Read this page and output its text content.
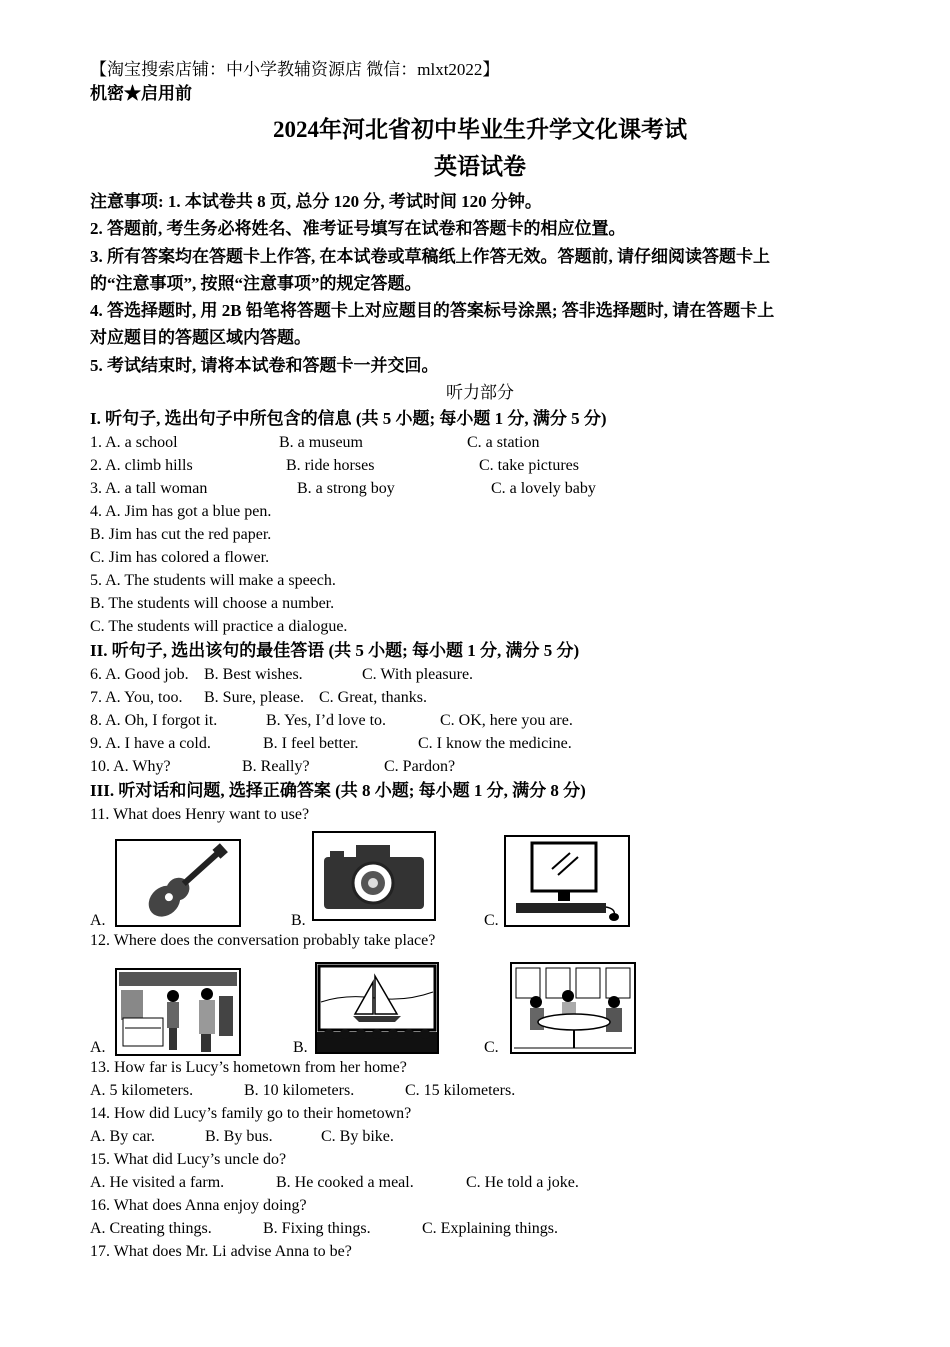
【淘宝搜索店铺：中小学教辅资源店 微信：mlxt2022】
机密★启用前
2024年河北省初中毕业生升学文化课考试
英语试卷
注意事项: 1. 本试卷共 8 页, 总分 120 分, 考试时间 120 分钟。
2. 答题前, 考生务必将姓名、准考证号填写在试卷和答题卡的相应位置。
3. 所有答案均在答题卡上作答, 在本试卷或草稿纸上作答无效。答题前, 请仔细阅读答题卡上
的“注意事项”, 按照“注意事项”的规定答题。
4. 答选择题时, 用 2B 铅笔将答题卡上对应题目的答案标号涂黑; 答非选择题时, 请在答题卡上
对应题目的答题区域内答题。
5. 考试结束时, 请将本试卷和答题卡一并交回。
听力部分
I. 听句子, 选出句子中所包含的信息 (共 5 小题; 每小题 1 分, 满分 5 分)
1. A. a school	B. a museum	C. a station
2. A. climb hills	B. ride horses	C. take pictures
3. A. a tall woman	B. a strong boy	C. a lovely baby
4. A. Jim has got a blue pen.
B. Jim has cut the red paper.
C. Jim has colored a flower.
5. A. The students will make a speech.
B. The students will choose a number.
C. The students will practice a dialogue.
II. 听句子, 选出该句的最佳答语 (共 5 小题; 每小题 1 分, 满分 5 分)
6. A. Good job. B. Best wishes.	C. With pleasure.
7. A. You, too. B. Sure, please. C. Great, thanks.
8. A. Oh, I forgot it.	B. Yes, I’d love to.	C. OK, here you are.
9. A. I have a cold.	B. I feel better.	C. I know the medicine.
10. A. Why?	B. Really?	C. Pardon?
III. 听对话和问题, 选择正确答案 (共 8 小题; 每小题 1 分, 满分 8 分)
11. What does Henry want to use?
A.	B.	C.
12. Where does the conversation probably take place?
A.	B.	C.
13. How far is Lucy’s hometown from her home?
A. 5 kilometers.	B. 10 kilometers.	C. 15 kilometers.
14. How did Lucy’s family go to their hometown?
A. By car.	B. By bus.	C. By bike.
15. What did Lucy’s uncle do?
A. He visited a farm.	B. He cooked a meal.	C. He told a joke.
16. What does Anna enjoy doing?
A. Creating things.	B. Fixing things.	C. Explaining things.
17. What does Mr. Li advise Anna to be?
